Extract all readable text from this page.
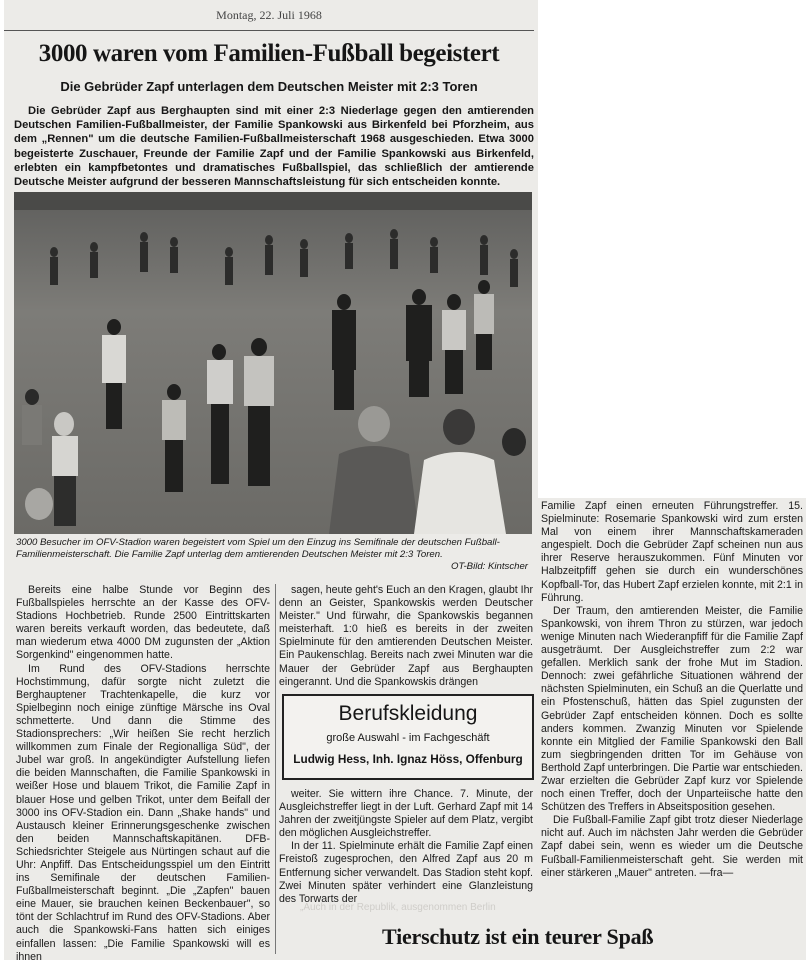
Montag, 22. Juli 1968
3000 waren vom Familien-Fußball begeistert
Die Gebrüder Zapf unterlagen dem Deutschen Meister mit 2:3 Toren

Die Gebrüder Zapf aus Berghaupten sind mit einer 2:3 Niederlage gegen den amtierenden Deutschen Familien-Fußballmeister, der Familie Spankowski aus Birkenfeld bei Pforzheim, aus dem „Rennen" um die deutsche Familien-Fußballmeisterschaft 1968 ausgeschieden. Etwa 3000 begeisterte Zuschauer, Freunde der Familie Zapf und der Familie Spankowski aus Birkenfeld, erlebten ein kampfbetontes und dramatisches Fußballspiel, das schließlich der amtierende Deutsche Meister aufgrund der besseren Mannschaftsleistung für sich entscheiden konnte.

3000 Besucher im OFV-Stadion waren begeistert vom Spiel um den Einzug ins Semifinale der deutschen Fußball-Familienmeisterschaft. Die Familie Zapf unterlag dem amtierenden Deutschen Meister mit 2:3 Toren.
OT-Bild: Kintscher

Bereits eine halbe Stunde vor Beginn des Fußballspieles herrschte an der Kasse des OFV-Stadions Hochbetrieb. Runde 2500 Eintrittskarten waren bereits verkauft worden, das bedeutete, daß man wiederum etwa 4000 DM zugunsten der „Aktion Sorgenkind" eingenommen hatte.

Im Rund des OFV-Stadions herrschte Hochstimmung, dafür sorgte nicht zuletzt die Berghauptener Trachtenkapelle, die kurz vor Spielbeginn noch einige zünftige Märsche ins Oval schmetterte. Und dann die Stimme des Stadionsprechers: „Wir heißen Sie recht herzlich willkommen zum Finale der Regionalliga Süd", der Jubel war groß. In angekündigter Aufstellung liefen die beiden Mannschaften, die Familie Spankowski in weißer Hose und blauem Trikot, die Familie Zapf in blauer Hose und gelben Trikot, unter dem Beifall der 3000 ins OFV-Stadion ein. Dann „Shake hands" und Austausch kleiner Erinnerungsgeschenke zwischen den beiden Mannschaftskapitänen. DFB-Schiedsrichter Steigele aus Nürtingen schaut auf die Uhr: Anpfiff. Das Entscheidungsspiel um den Eintritt ins Semifinale der deutschen Familien-Fußballmeisterschaft beginnt. „Die „Zapfen" bauen eine Mauer, sie brauchen keinen Beckenbauer", so tönt der Schlachtruf im Rund des OFV-Stadions. Aber auch die Spankowski-Fans hatten sich einiges einfallen lassen: „Die Familie Spankowski will es ihnen

sagen, heute geht's Euch an den Kragen, glaubt Ihr denn an Geister, Spankowskis werden Deutscher Meister." Und fürwahr, die Spankowskis begannen meisterhaft. 1:0 hieß es bereits in der zweiten Spielminute für den amtierenden Deutschen Meister. Ein Paukenschlag. Bereits nach zwei Minuten war die Mauer der Gebrüder Zapf aus Berghaupten eingerannt. Und die Spankowskis drängen

Berufskleidung
große Auswahl - im Fachgeschäft
Ludwig Hess, Inh. Ignaz Höss, Offenburg

weiter. Sie wittern ihre Chance. 7. Minute, der Ausgleichstreffer liegt in der Luft. Gerhard Zapf mit 14 Jahren der zweitjüngste Spieler auf dem Platz, vergibt den möglichen Ausgleichstreffer.

In der 11. Spielminute erhält die Familie Zapf einen Freistoß zugesprochen, den Alfred Zapf aus 20 m Entfernung sicher verwandelt. Das Stadion steht kopf. Zwei Minuten später verhindert eine Glanzleistung des Torwarts der

Familie Zapf einen erneuten Führungstreffer. 15. Spielminute: Rosemarie Spankowski wird zum ersten Mal von einem ihrer Mannschaftskameraden angespielt. Doch die Gebrüder Zapf scheinen nun aus ihrer Reserve herauszukommen. Fünf Minuten vor Halbzeitpfiff gehen sie durch ein wunderschönes Kopfball-Tor, das Hubert Zapf erzielen konnte, mit 2:1 in Führung.

Der Traum, den amtierenden Meister, die Familie Spankowski, von ihrem Thron zu stürzen, war jedoch wenige Minuten nach Wiederanpfiff für die Familie Zapf ausgeträumt. Der Ausgleichstreffer zum 2:2 war gefallen. Merklich sank der frohe Mut im Stadion. Dennoch: zwei gefährliche Situationen während der nächsten Spielminuten, ein Schuß an die Querlatte und ein Pfostenschuß, hätten das Spiel zugunsten der Gebrüder Zapf entscheiden können. Doch es sollte anders kommen. Zwanzig Minuten vor Spielende konnte ein Mitglied der Familie Spankowski den Ball zum siegbringenden dritten Tor im Gehäuse von Berthold Zapf unterbringen. Die Partie war entschieden. Zwar erzielten die Gebrüder Zapf kurz vor Spielende noch einen Treffer, doch der Unparteiische hatte den Schützen des Treffers in Abseitsposition gesehen.

Die Fußball-Familie Zapf gibt trotz dieser Niederlage nicht auf. Auch im nächsten Jahr werden die Gebrüder Zapf dabei sein, wenn es wieder um die Deutsche Fußball-Familienmeisterschaft geht. Sie werden mit einer stärkeren „Mauer" antreten. —fra—

„Auch in der Republik, ausgenommen Berlin
Tierschutz ist ein teurer Spaß
